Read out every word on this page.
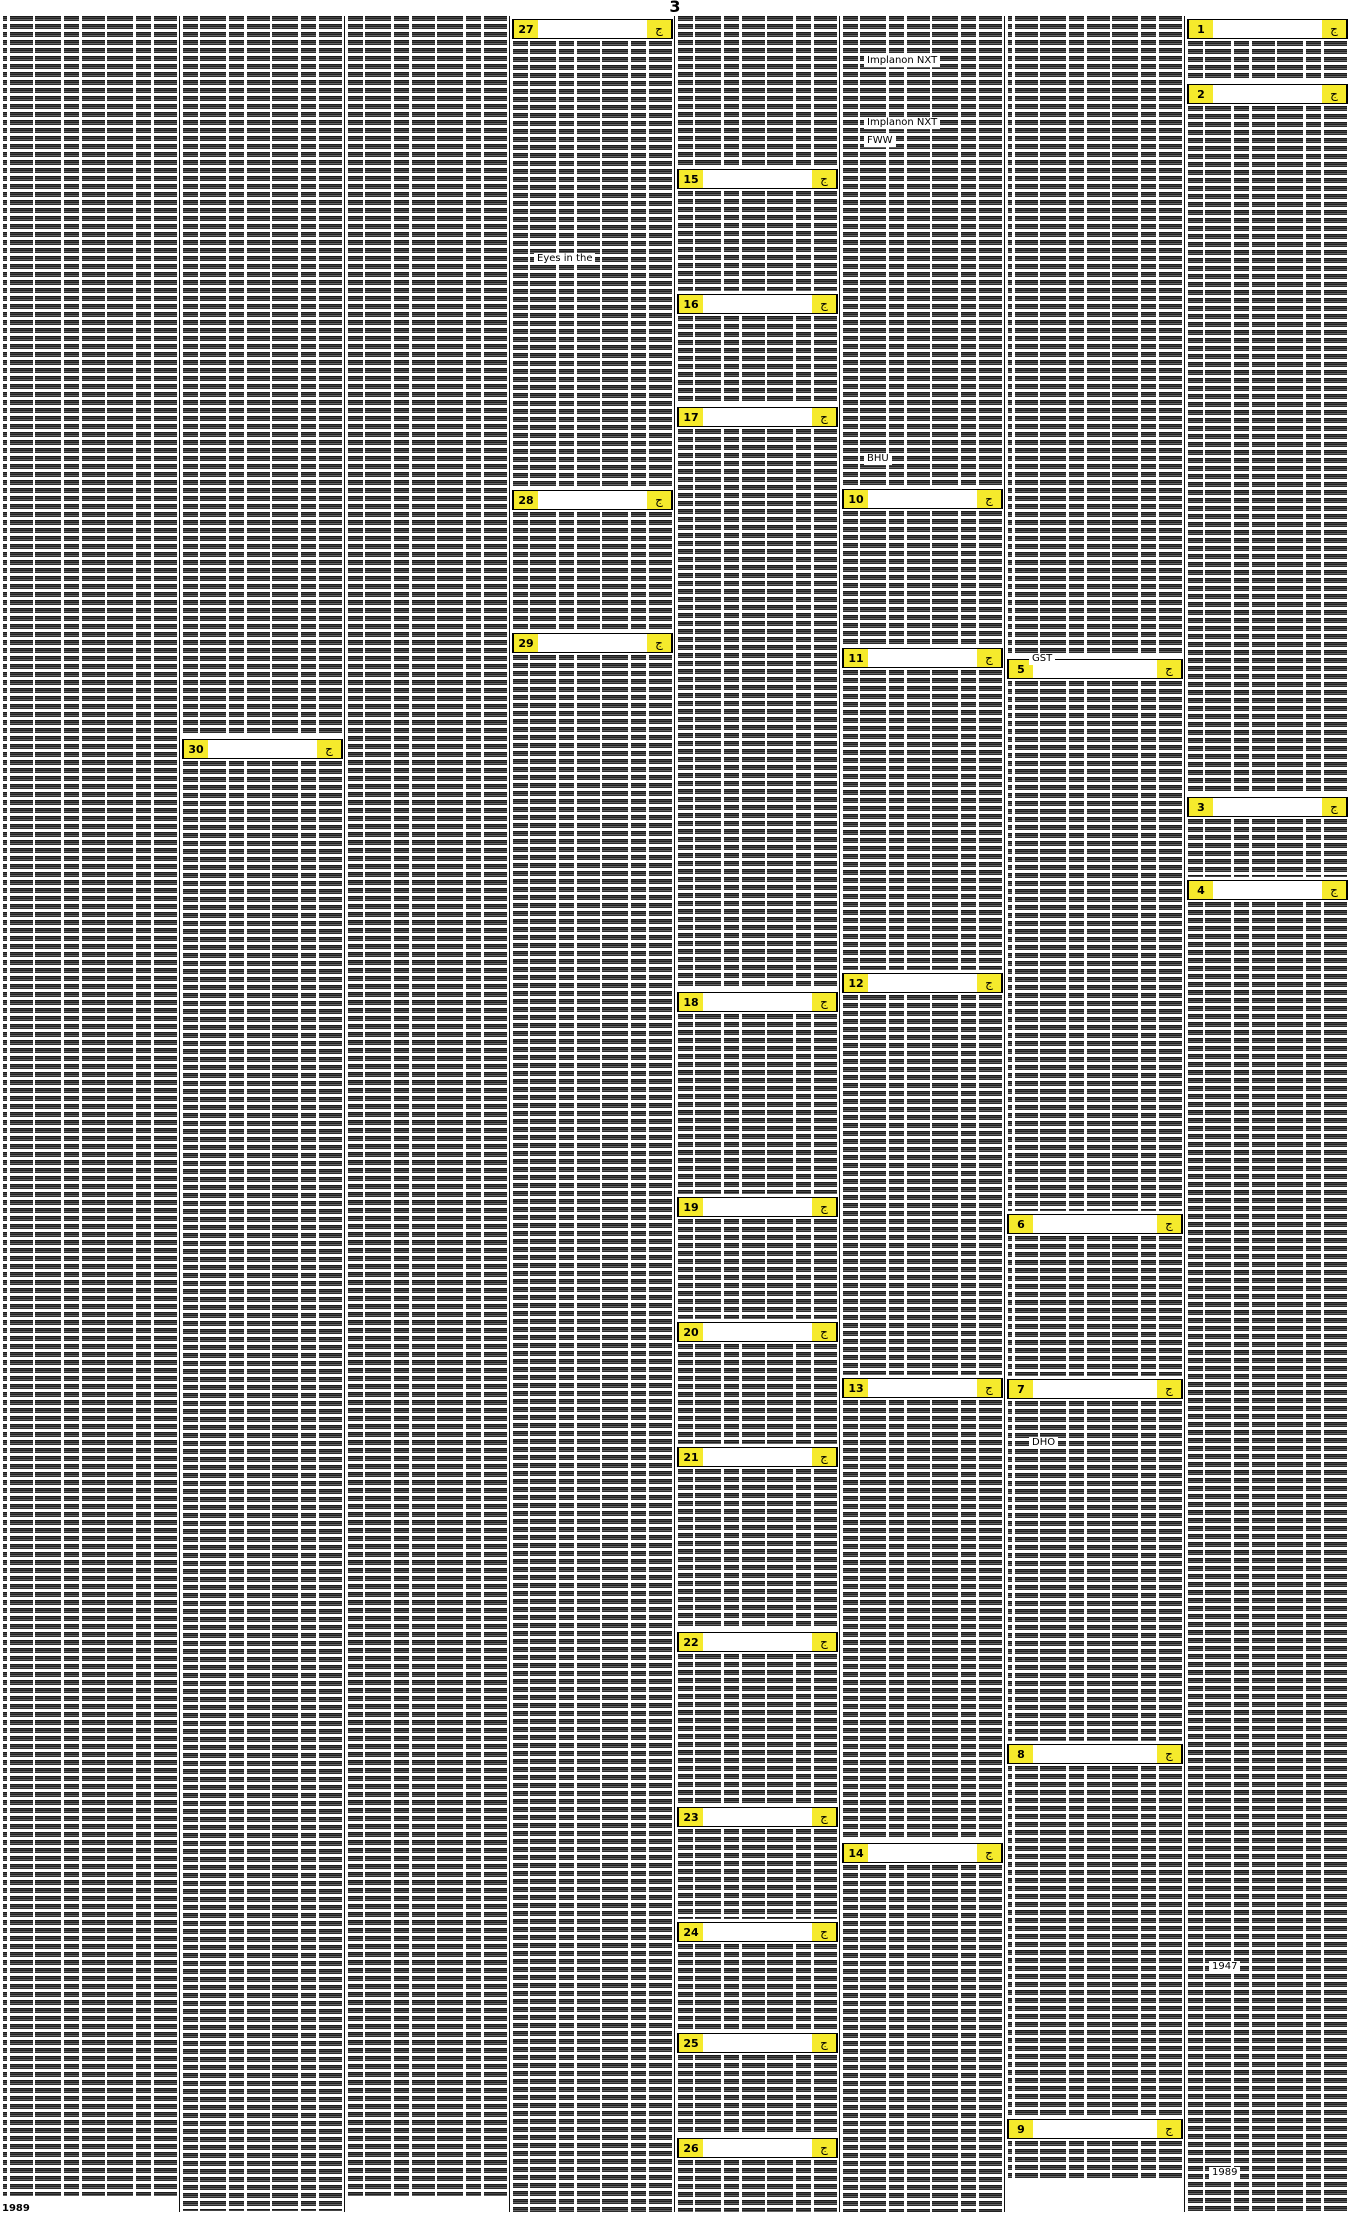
3
ج
1
ج
2
ج
3
ج
4
1947
1989
ج
5
ج
6
ج
7
ج
8
ج
9
GST
DHO
ج
10
ج
11
ج
12
ج
13
ج
14
Implanon NXT
Implanon NXT
FWW
BHU
ج
15
ج
16
ج
17
ج
18
ج
19
ج
20
ج
21
ج
22
ج
23
ج
24
ج
25
ج
26
ج
27
ج
28
ج
29
Eyes in the
ج
30
1989
